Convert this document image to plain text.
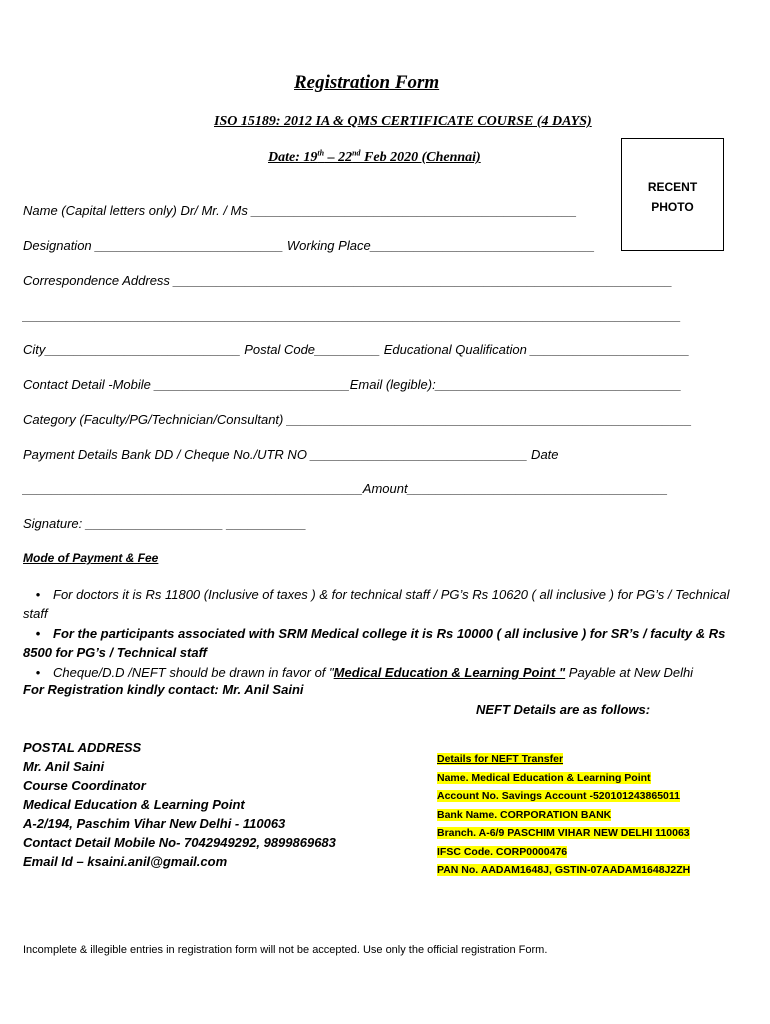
Registration Form
ISO 15189: 2012 IA & QMS CERTIFICATE COURSE (4 DAYS)
Date: 19th – 22nd Feb 2020 (Chennai)
RECENT
PHOTO
Name (Capital letters only) Dr/ Mr. / Ms _____________________________________________
Designation __________________________ Working Place_______________________________
Correspondence Address _____________________________________________________________________
___________________________________________________________________________________________
City___________________________ Postal Code_________ Educational Qualification ______________________
Contact Detail -Mobile ___________________________Email (legible):__________________________________
Category (Faculty/PG/Technician/Consultant) ________________________________________________________
Payment Details Bank DD / Cheque No./UTR NO ______________________________ Date
_______________________________________________Amount____________________________________
Signature: ___________________ ___________
Mode of Payment & Fee
• For doctors it is Rs 11800 (Inclusive of taxes ) & for technical staff / PG’s Rs 10620 ( all inclusive ) for PG’s / Technical staff
• For the participants associated with SRM Medical college it is Rs 10000 ( all inclusive ) for SR’s / faculty & Rs 8500 for PG’s / Technical staff
• Cheque/D.D /NEFT should be drawn in favor of "Medical Education & Learning Point " Payable at New Delhi
For Registration kindly contact: Mr. Anil Saini
NEFT Details are as follows:
POSTAL ADDRESS
Mr. Anil Saini
Course Coordinator
Medical Education & Learning Point
A-2/194, Paschim Vihar New Delhi - 110063
Contact Detail Mobile No- 7042949292, 9899869683
Email Id – ksaini.anil@gmail.com
Details for NEFT Transfer
Name. Medical Education & Learning Point
Account No. Savings Account -520101243865011
Bank Name. CORPORATION BANK
Branch. A-6/9 PASCHIM VIHAR NEW DELHI 110063
IFSC Code. CORP0000476
PAN No. AADAM1648J, GSTIN-07AADAM1648J2ZH
Incomplete & illegible entries in registration form will not be accepted. Use only the official registration Form.
